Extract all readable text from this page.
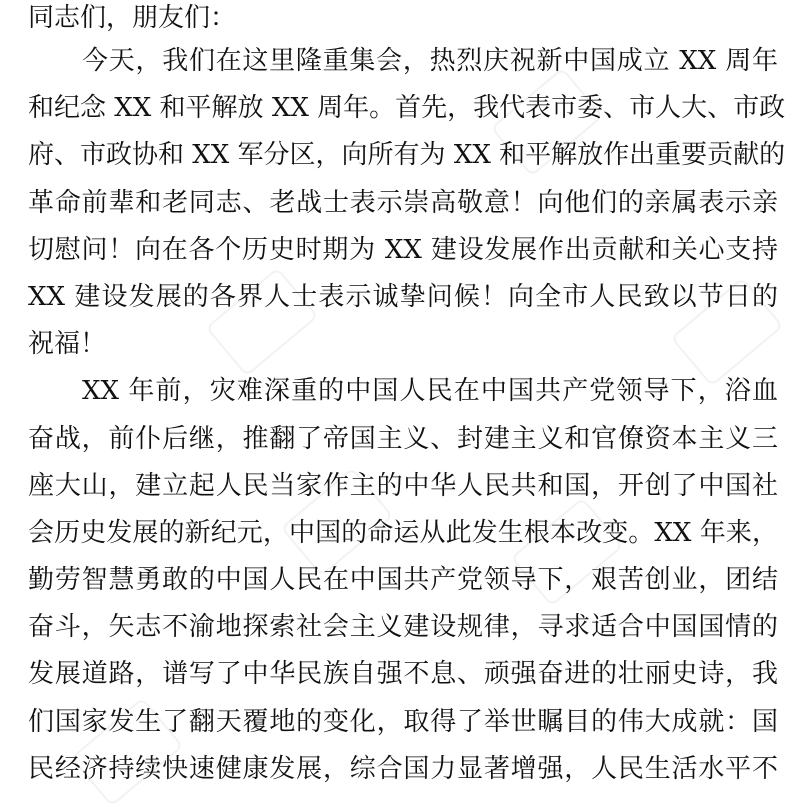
同志们，朋友们：
今天，我们在这里隆重集会，热烈庆祝新中国成立 XX 周年
和纪念 XX 和平解放 XX 周年。首先，我代表市委、市人大、市政
府、市政协和 XX 军分区，向所有为 XX 和平解放作出重要贡献的
革命前辈和老同志、老战士表示崇高敬意！向他们的亲属表示亲
切慰问！向在各个历史时期为 XX 建设发展作出贡献和关心支持
XX 建设发展的各界人士表示诚挚问候！向全市人民致以节日的
祝福！
XX 年前，灾难深重的中国人民在中国共产党领导下，浴血
奋战，前仆后继，推翻了帝国主义、封建主义和官僚资本主义三
座大山，建立起人民当家作主的中华人民共和国，开创了中国社
会历史发展的新纪元，中国的命运从此发生根本改变。XX 年来，
勤劳智慧勇敢的中国人民在中国共产党领导下，艰苦创业，团结
奋斗，矢志不渝地探索社会主义建设规律，寻求适合中国国情的
发展道路，谱写了中华民族自强不息、顽强奋进的壮丽史诗，我
们国家发生了翻天覆地的变化，取得了举世瞩目的伟大成就：国
民经济持续快速健康发展，综合国力显著增强，人民生活水平不
